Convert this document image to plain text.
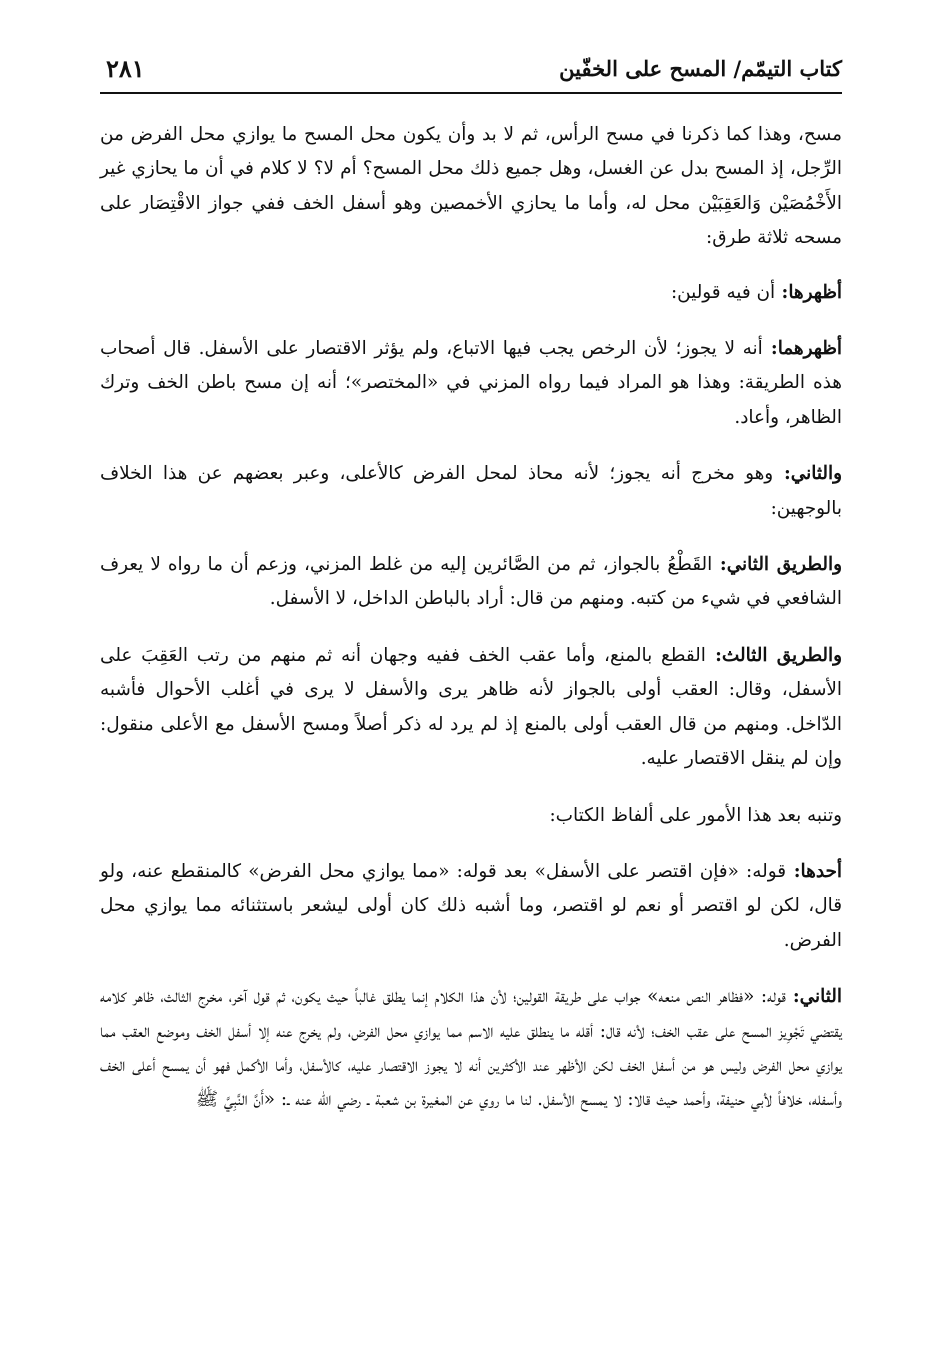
كتاب التيمّم/ المسح على الخفّين
٢٨١

مسح، وهذا كما ذكرنا في مسح الرأس، ثم لا بد وأن يكون محل المسح ما يوازي محل الفرض من الرِّجل، إذ المسح بدل عن الغسل، وهل جميع ذلك محل المسح؟ أم لا؟ لا كلام في أن ما يحازي غير الأَخْمُصَيْن وَالعَقِبَيْن محل له، وأما ما يحازي الأخمصين وهو أسفل الخف ففي جواز الاقْتِصَار على مسحه ثلاثة طرق:

أظهرها: أن فيه قولين:

أظهرهما: أنه لا يجوز؛ لأن الرخص يجب فيها الاتباع، ولم يؤثر الاقتصار على الأسفل. قال أصحاب هذه الطريقة: وهذا هو المراد فيما رواه المزني في «المختصر»؛ أنه إن مسح باطن الخف وترك الظاهر، وأعاد.

والثاني: وهو مخرج أنه يجوز؛ لأنه محاذ لمحل الفرض كالأعلى، وعبر بعضهم عن هذا الخلاف بالوجهين:

والطريق الثاني: القَطْعُ بالجواز، ثم من الصَّائرين إليه من غلط المزني، وزعم أن ما رواه لا يعرف الشافعي في شيء من كتبه. ومنهم من قال: أراد بالباطن الداخل، لا الأسفل.

والطريق الثالث: القطع بالمنع، وأما عقب الخف ففيه وجهان أنه ثم منهم من رتب العَقِبَ على الأسفل، وقال: العقب أولى بالجواز لأنه ظاهر يرى والأسفل لا يرى في أغلب الأحوال فأشبه الدّاخل. ومنهم من قال العقب أولى بالمنع إذ لم يرد له ذكر أصلاً ومسح الأسفل مع الأعلى منقول: وإن لم ينقل الاقتصار عليه.

وتنبه بعد هذا الأمور على ألفاظ الكتاب:

أحدها: قوله: «فإن اقتصر على الأسفل» بعد قوله: «مما يوازي محل الفرض» كالمنقطع عنه، ولو قال، لكن لو اقتصر أو نعم لو اقتصر، وما أشبه ذلك كان أولى ليشعر باستثنائه مما يوازي محل الفرض.

الثاني: قوله: «فظاهر النص منعه» جواب على طريقة القولين؛ لأن هذا الكلام إنما يطلق غالباً حيث يكون، ثم قول آخر، مخرج الثالث، ظاهر كلامه يقتضي تَجْوِيز المسح على عقب الخف؛ لأنه قال: أقله ما ينطلق عليه الاسم مما يوازي محل الفرض، ولم يخرج عنه إلا أسفل الخف وموضع العقب مما يوازي محل الفرض وليس هو من أسفل الخف لكن الأظهر عند الأكثرين أنه لا يجوز الاقتصار عليه، كالأسفل، وأما الأكمل فهو أن يمسح أعلى الخف وأسفله، خلافاً لأبي حنيفة، وأحمد حيث قالا: لا يمسح الأسفل. لنا ما روي عن المغيرة بن شعبة ـ رضي الله عنه ـ: «أَنَّ النَّبِيَّ ﷺ
